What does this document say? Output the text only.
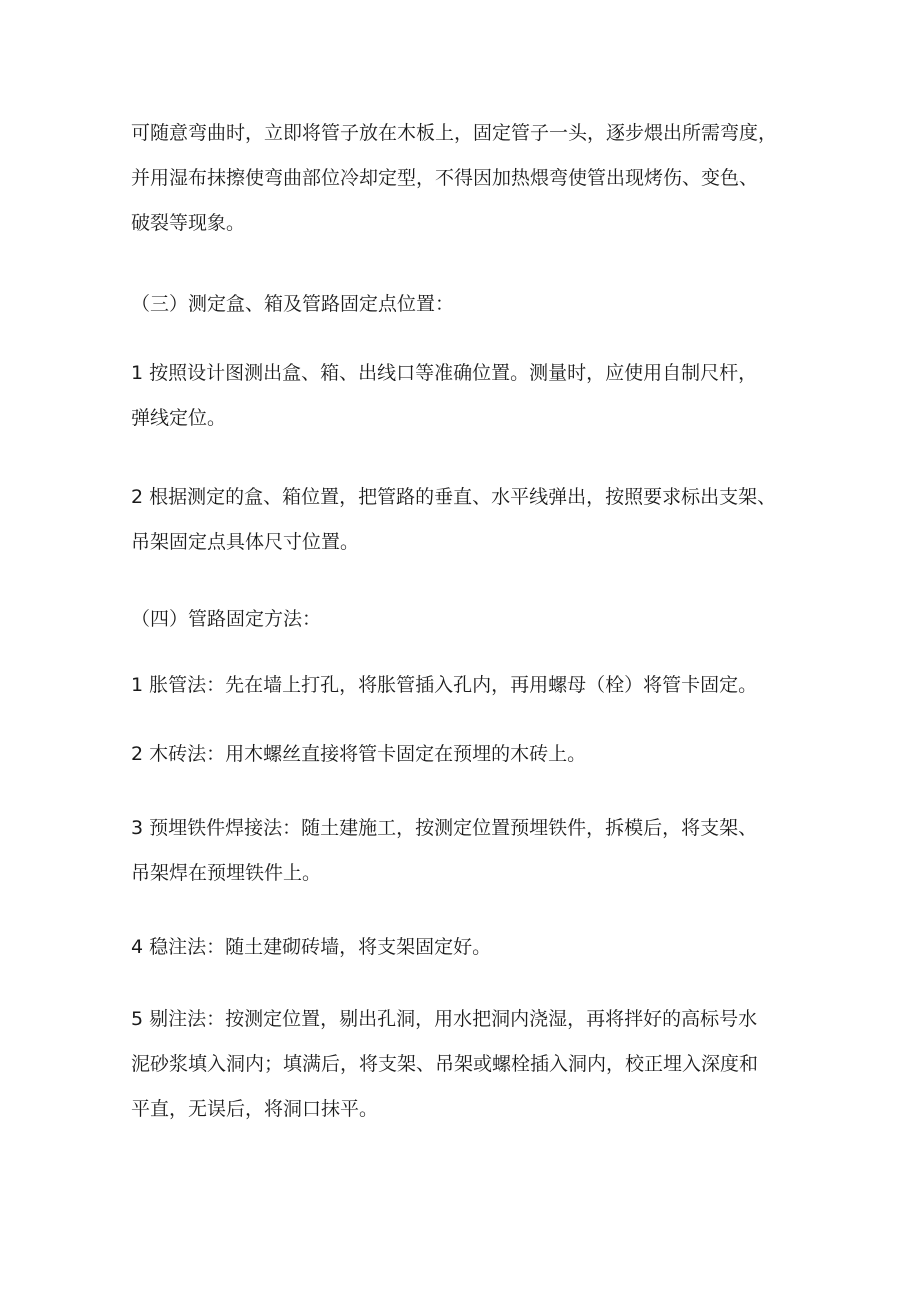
可随意弯曲时，立即将管子放在木板上，固定管子一头，逐步煨出所需弯度，
并用湿布抹擦使弯曲部位冷却定型，不得因加热煨弯使管出现烤伤、变色、
破裂等现象。

（三）测定盒、箱及管路固定点位置：

1 按照设计图测出盒、箱、出线口等准确位置。测量时，应使用自制尺杆，
弹线定位。

2 根据测定的盒、箱位置，把管路的垂直、水平线弹出，按照要求标出支架、
吊架固定点具体尺寸位置。

（四）管路固定方法：

1 胀管法：先在墙上打孔，将胀管插入孔内，再用螺母（栓）将管卡固定。

2 木砖法：用木螺丝直接将管卡固定在预埋的木砖上。

3 预埋铁件焊接法：随土建施工，按测定位置预埋铁件，拆模后，将支架、
吊架焊在预埋铁件上。

4 稳注法：随土建砌砖墙，将支架固定好。

5 剔注法：按测定位置，剔出孔洞，用水把洞内浇湿，再将拌好的高标号水
泥砂浆填入洞内；填满后，将支架、吊架或螺栓插入洞内，校正埋入深度和
平直，无误后，将洞口抹平。
